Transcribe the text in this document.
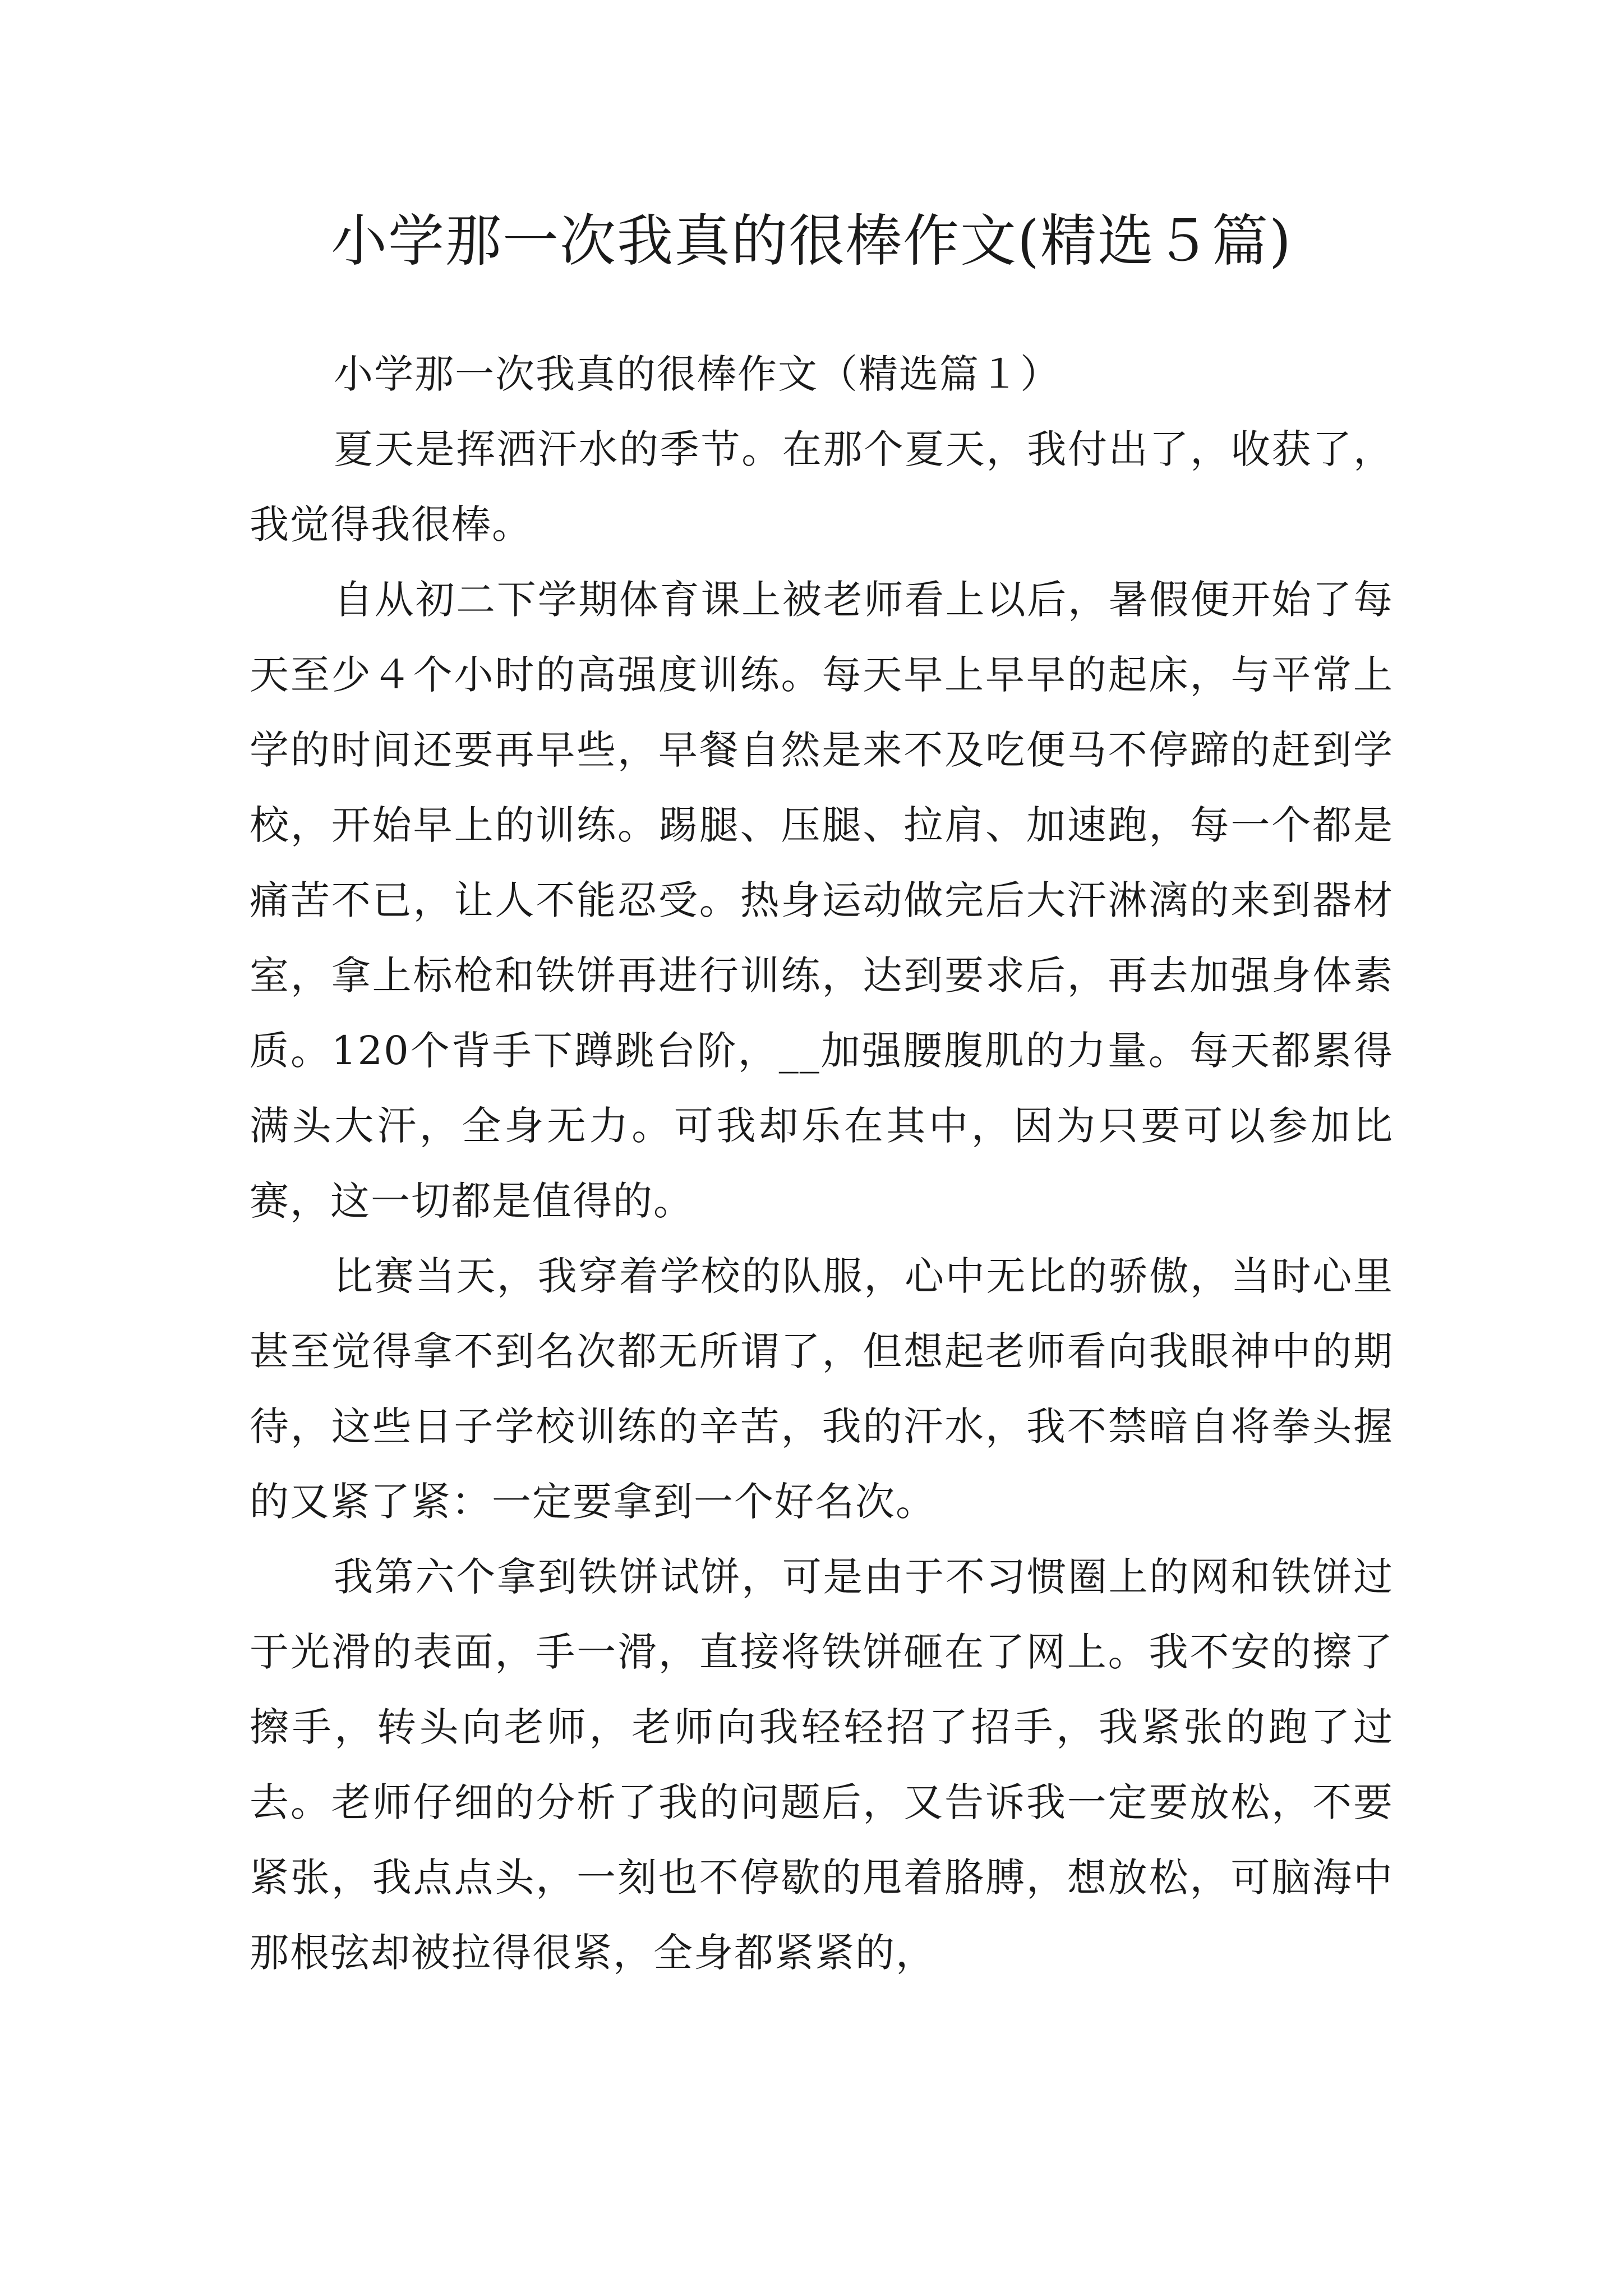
小学那一次我真的很棒作文(精选５篇)

小学那一次我真的很棒作文（精选篇１）

夏天是挥洒汗水的季节。在那个夏天，我付出了，收获了，我觉得我很棒。

自从初二下学期体育课上被老师看上以后，暑假便开始了每天至少４个小时的高强度训练。每天早上早早的起床，与平常上学的时间还要再早些，早餐自然是来不及吃便马不停蹄的赶到学校，开始早上的训练。踢腿、压腿、拉肩、加速跑，每一个都是痛苦不已，让人不能忍受。热身运动做完后大汗淋漓的来到器材室，拿上标枪和铁饼再进行训练，达到要求后，再去加强身体素质。120个背手下蹲跳台阶，__加强腰腹肌的力量。每天都累得满头大汗，全身无力。可我却乐在其中，因为只要可以参加比赛，这一切都是值得的。

比赛当天，我穿着学校的队服，心中无比的骄傲，当时心里甚至觉得拿不到名次都无所谓了，但想起老师看向我眼神中的期待，这些日子学校训练的辛苦，我的汗水，我不禁暗自将拳头握的又紧了紧：一定要拿到一个好名次。

我第六个拿到铁饼试饼，可是由于不习惯圈上的网和铁饼过于光滑的表面，手一滑，直接将铁饼砸在了网上。我不安的擦了擦手，转头向老师，老师向我轻轻招了招手，我紧张的跑了过去。老师仔细的分析了我的问题后，又告诉我一定要放松，不要紧张，我点点头，一刻也不停歇的甩着胳膊，想放松，可脑海中那根弦却被拉得很紧，全身都紧紧的，
